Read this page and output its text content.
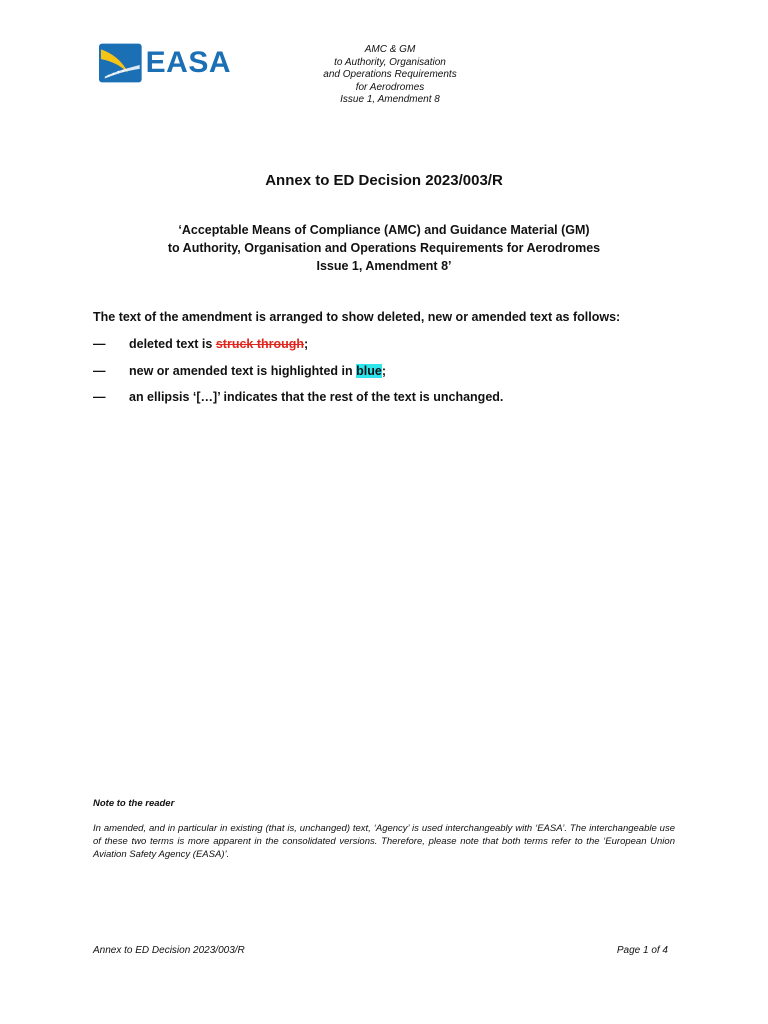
EASA	AMC & GM
to Authority, Organisation
and Operations Requirements
for Aerodromes
Issue 1, Amendment 8
Annex to ED Decision 2023/003/R
‘Acceptable Means of Compliance (AMC) and Guidance Material (GM)
to Authority, Organisation and Operations Requirements for Aerodromes
Issue 1, Amendment 8’
The text of the amendment is arranged to show deleted, new or amended text as follows:
— deleted text is struck through;
— new or amended text is highlighted in blue;
— an ellipsis ‘[…]’ indicates that the rest of the text is unchanged.
Note to the reader
In amended, and in particular in existing (that is, unchanged) text, ‘Agency’ is used interchangeably with ‘EASA’. The interchangeable use of these two terms is more apparent in the consolidated versions. Therefore, please note that both terms refer to the ‘European Union Aviation Safety Agency (EASA)’.
Annex to ED Decision 2023/003/R	Page 1 of 4
